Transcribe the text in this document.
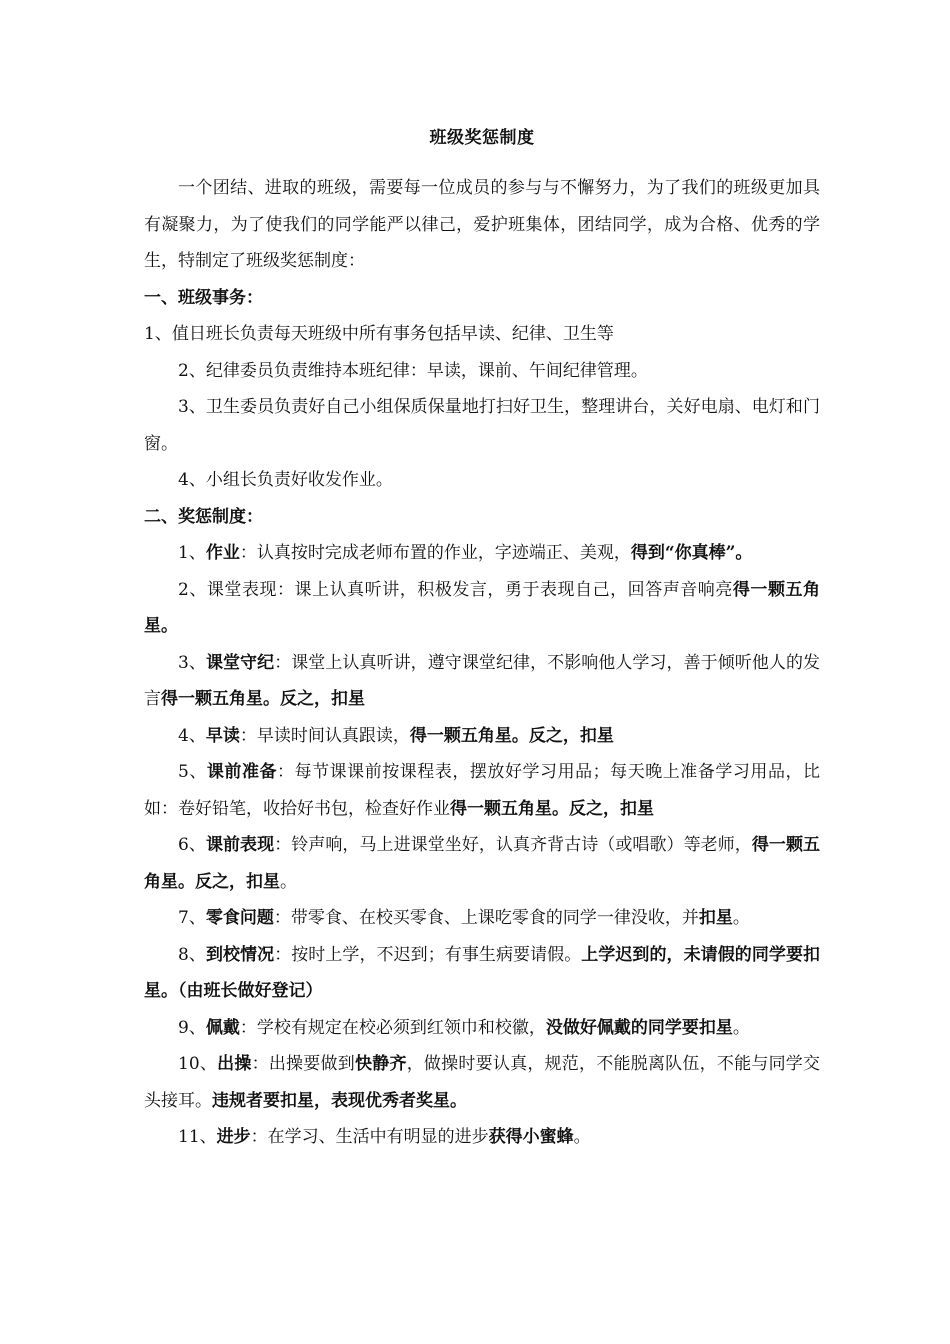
班级奖惩制度

一个团结、进取的班级，需要每一位成员的参与与不懈努力，为了我们的班级更加具有凝聚力，为了使我们的同学能严以律己，爱护班集体，团结同学，成为合格、优秀的学生，特制定了班级奖惩制度：

一、班级事务：

1、值日班长负责每天班级中所有事务包括早读、纪律、卫生等

2、纪律委员负责维持本班纪律：早读，课前、午间纪律管理。

3、卫生委员负责好自己小组保质保量地打扫好卫生，整理讲台，关好电扇、电灯和门窗。

4、小组长负责好收发作业。

二、奖惩制度：

1、作业：认真按时完成老师布置的作业，字迹端正、美观，得到“你真棒”。

2、课堂表现：课上认真听讲，积极发言，勇于表现自己，回答声音响亮得一颗五角星。

3、课堂守纪：课堂上认真听讲，遵守课堂纪律，不影响他人学习，善于倾听他人的发言得一颗五角星。反之，扣星

4、早读：早读时间认真跟读，得一颗五角星。反之，扣星

5、课前准备：每节课课前按课程表，摆放好学习用品；每天晚上准备学习用品，比如：卷好铅笔，收拾好书包，检查好作业得一颗五角星。反之，扣星

6、课前表现：铃声响，马上进课堂坐好，认真齐背古诗（或唱歌）等老师，得一颗五角星。反之，扣星。

7、零食问题：带零食、在校买零食、上课吃零食的同学一律没收，并扣星。

8、到校情况：按时上学，不迟到；有事生病要请假。上学迟到的，未请假的同学要扣星。（由班长做好登记）

9、佩戴：学校有规定在校必须到红领巾和校徽，没做好佩戴的同学要扣星。

10、出操：出操要做到快静齐，做操时要认真，规范，不能脱离队伍，不能与同学交头接耳。违规者要扣星，表现优秀者奖星。

11、进步：在学习、生活中有明显的进步获得小蜜蜂。
